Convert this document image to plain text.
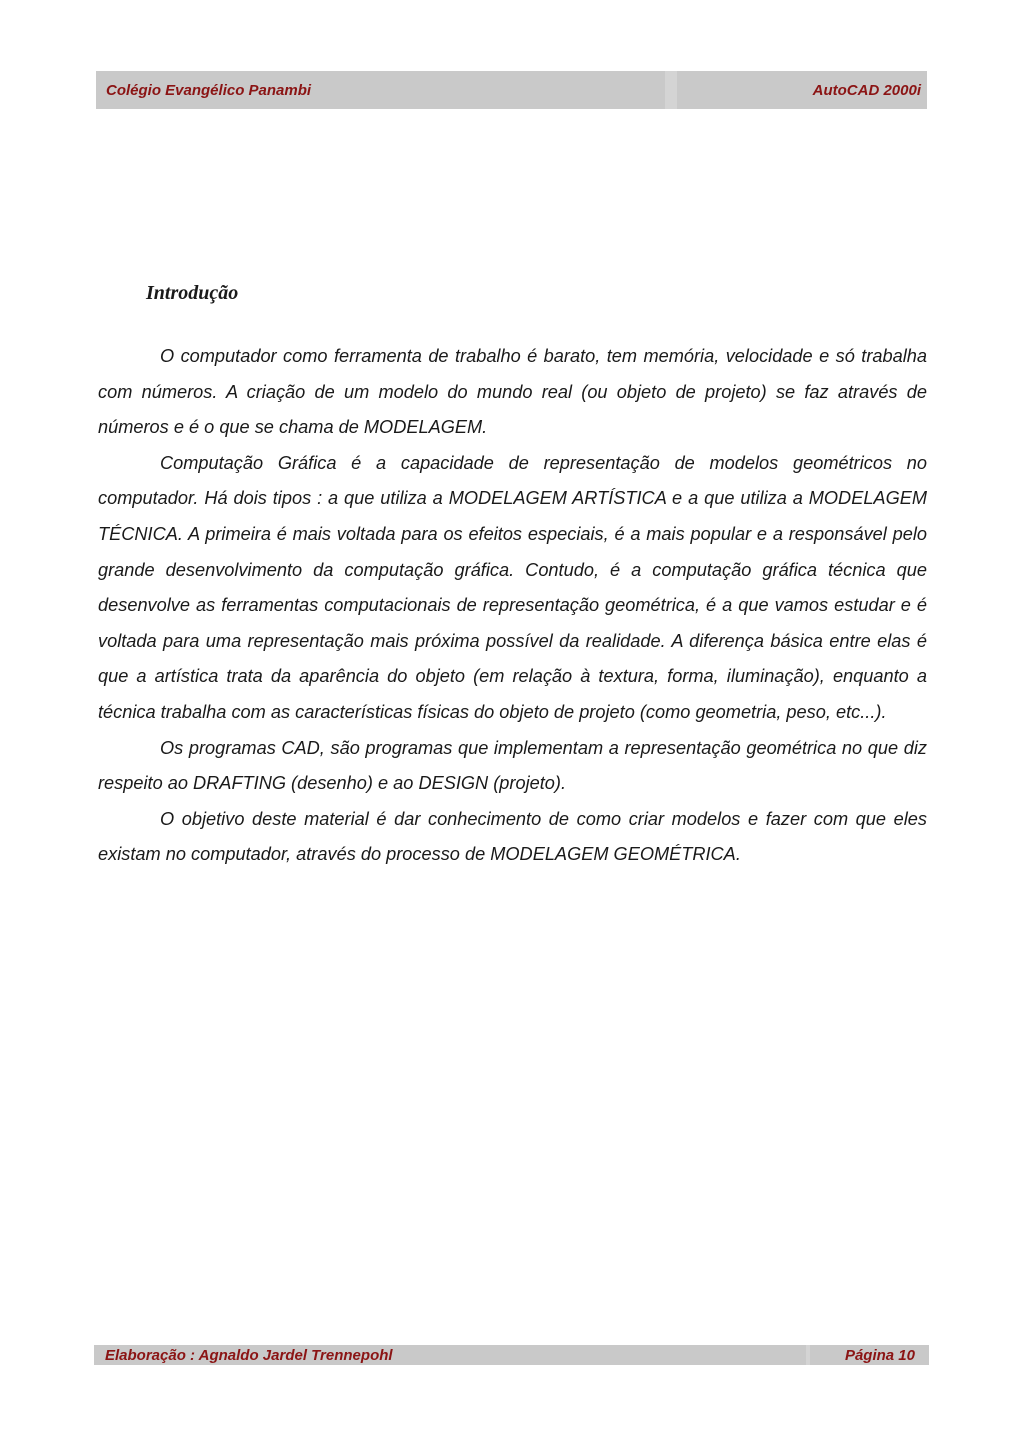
Colégio Evangélico Panambi	AutoCAD 2000i
Introdução

O computador como ferramenta de trabalho é barato, tem memória, velocidade e só trabalha com números. A criação de um modelo do mundo real (ou objeto de projeto) se faz através de números e é o que se chama de MODELAGEM.

Computação Gráfica é a capacidade de representação de modelos geométricos no computador. Há dois tipos : a que utiliza a MODELAGEM ARTÍSTICA e a que utiliza a MODELAGEM TÉCNICA. A primeira é mais voltada para os efeitos especiais, é a mais popular e a responsável pelo grande desenvolvimento da computação gráfica. Contudo, é a computação gráfica técnica que desenvolve as ferramentas computacionais de representação geométrica, é a que vamos estudar e é voltada para uma representação mais próxima possível da realidade. A diferença básica entre elas é que a artística trata da aparência do objeto (em relação à textura, forma, iluminação), enquanto a técnica trabalha com as características físicas do objeto de projeto (como geometria, peso, etc...).

Os programas CAD, são programas que implementam a representação geométrica no que diz respeito ao DRAFTING (desenho) e ao DESIGN (projeto).

O objetivo deste material é dar conhecimento de como criar modelos e fazer com que eles existam no computador, através do processo de MODELAGEM GEOMÉTRICA.

Elaboração : Agnaldo Jardel Trennepohl	Página 10
